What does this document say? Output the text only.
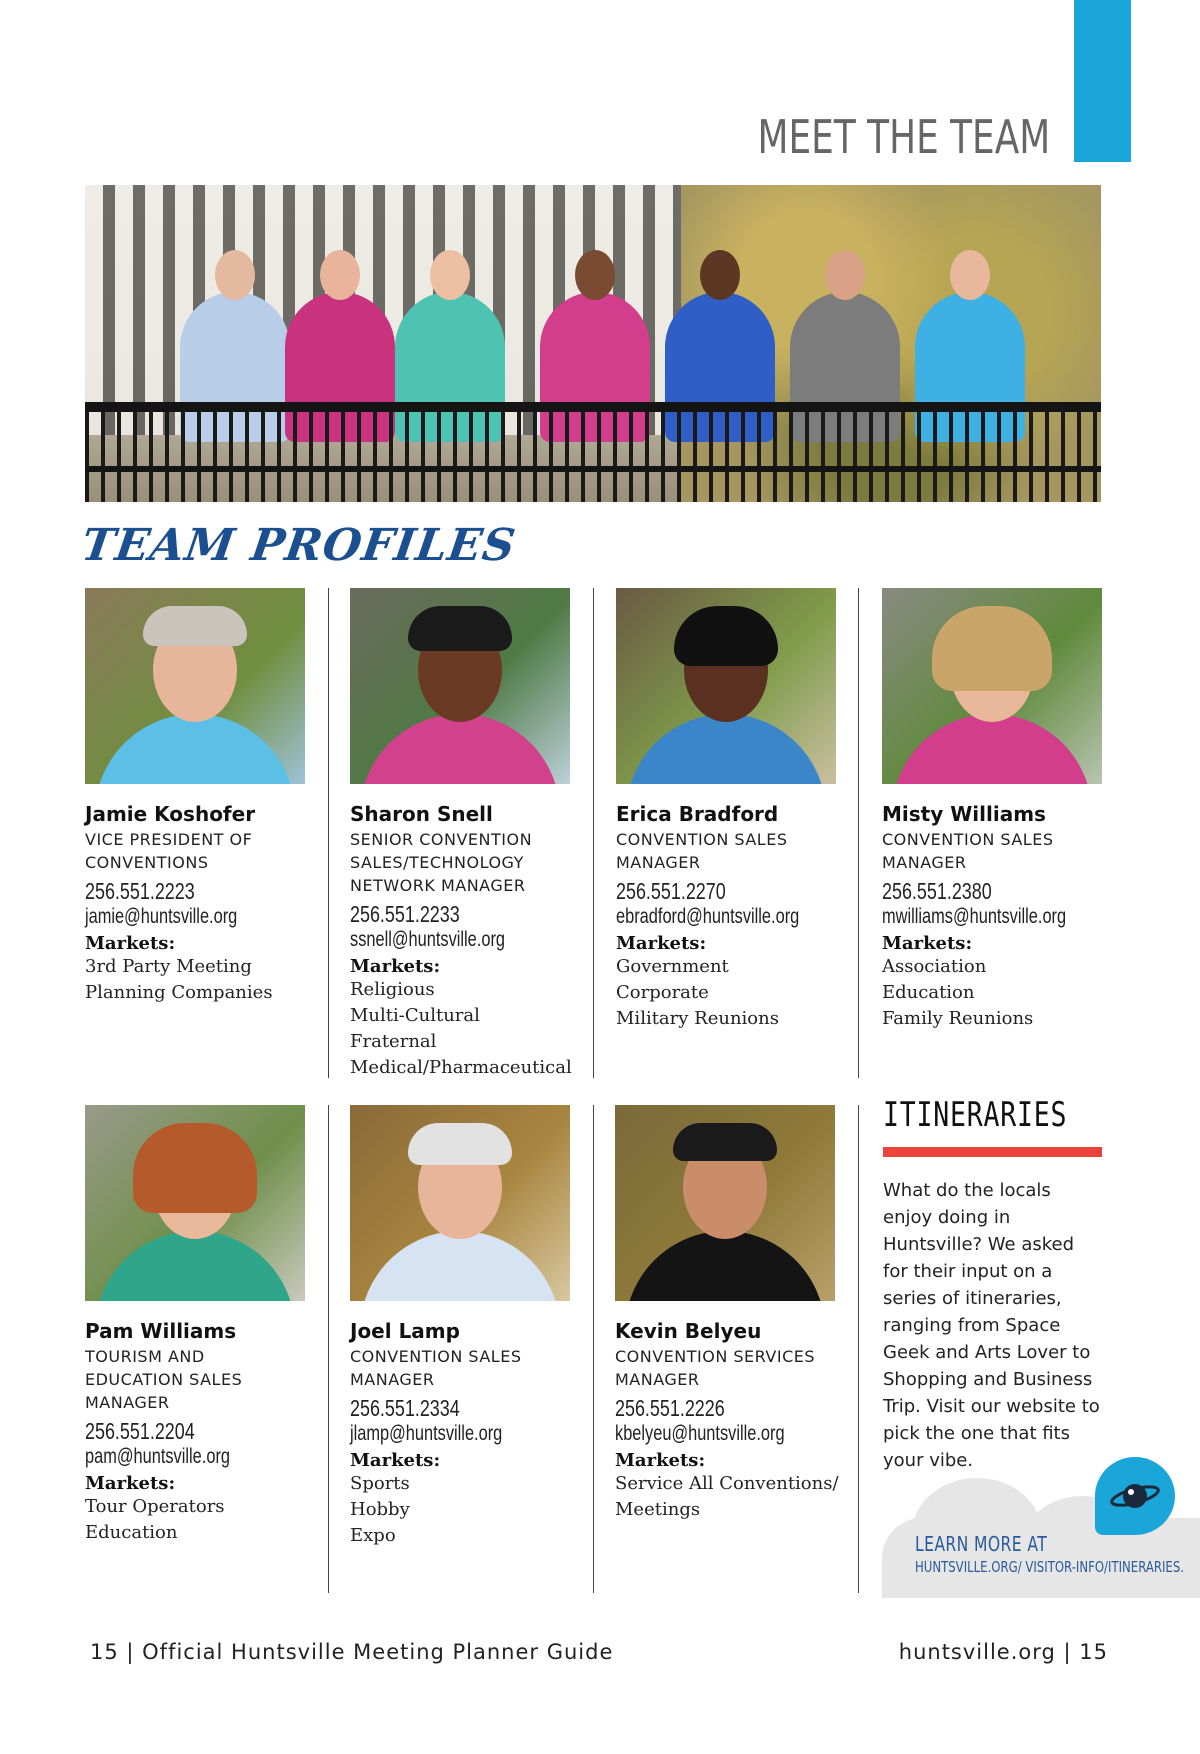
MEET THE TEAM
TEAM PROFILES
Jamie Koshofer
VICE PRESIDENT OF
CONVENTIONS
256.551.2223
jamie@huntsville.org
Markets:
3rd Party Meeting
Planning Companies
Sharon Snell
SENIOR CONVENTION
SALES/TECHNOLOGY
NETWORK MANAGER
256.551.2233
ssnell@huntsville.org
Markets:
Religious
Multi-Cultural
Fraternal
Medical/Pharmaceutical
Erica Bradford
CONVENTION SALES
MANAGER
256.551.2270
ebradford@huntsville.org
Markets:
Government
Corporate
Military Reunions
Misty Williams
CONVENTION SALES
MANAGER
256.551.2380
mwilliams@huntsville.org
Markets:
Association
Education
Family Reunions
Pam Williams
TOURISM AND
EDUCATION SALES
MANAGER
256.551.2204
pam@huntsville.org
Markets:
Tour Operators
Education
Joel Lamp
CONVENTION SALES
MANAGER
256.551.2334
jlamp@huntsville.org
Markets:
Sports
Hobby
Expo
Kevin Belyeu
CONVENTION SERVICES
MANAGER
256.551.2226
kbelyeu@huntsville.org
Markets:
Service All Conventions/
Meetings
ITINERARIES
What do the locals enjoy doing in Huntsville? We asked for their input on a series of itineraries, ranging from Space Geek and Arts Lover to Shopping and Business Trip. Visit our website to pick the one that fits your vibe.
LEARN MORE AT
HUNTSVILLE.ORG/ VISITOR-INFO/ITINERARIES.
15 | Official Huntsville Meeting Planner Guide	huntsville.org | 15
